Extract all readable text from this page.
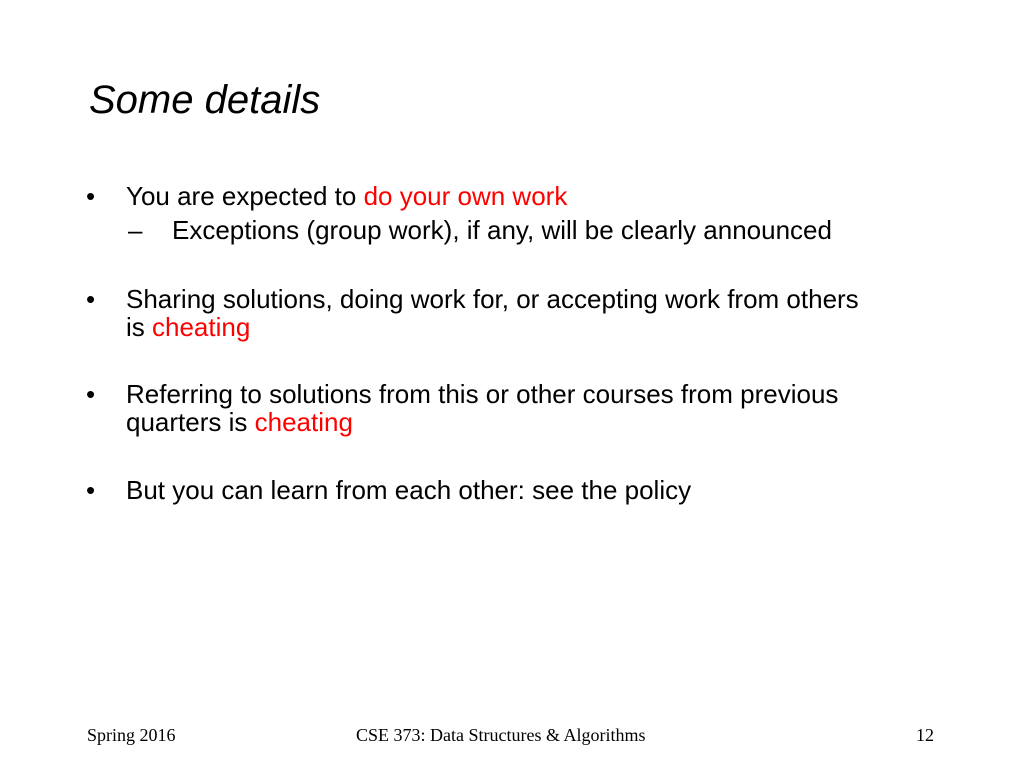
Some details
• You are expected to do your own work
– Exceptions (group work), if any, will be clearly announced
• Sharing solutions, doing work for, or accepting work from others
is cheating
• Referring to solutions from this or other courses from previous
quarters is cheating
• But you can learn from each other: see the policy
Spring 2016	CSE 373: Data Structures & Algorithms	12
